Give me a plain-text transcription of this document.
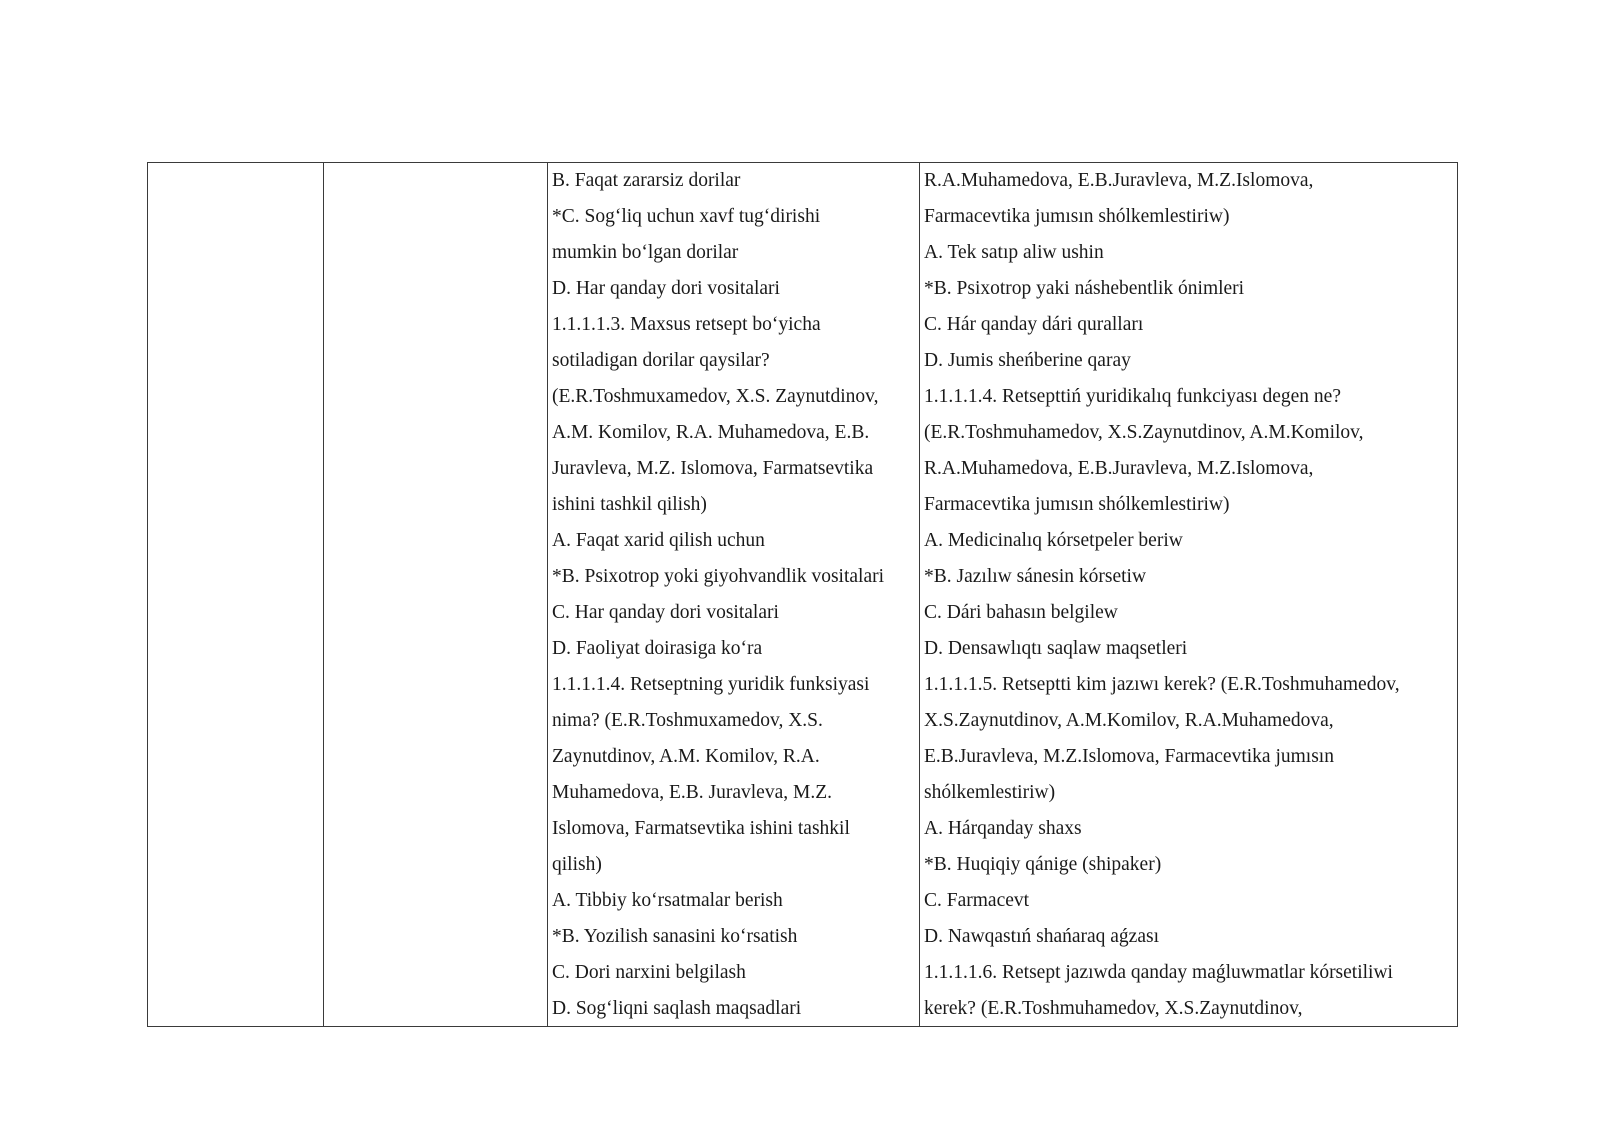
B. Faqat zararsiz dorilar
*C. Sog‘liq uchun xavf tug‘dirishi
mumkin bo‘lgan dorilar
D. Har qanday dori vositalari
1.1.1.1.3. Maxsus retsept bo‘yicha
sotiladigan dorilar qaysilar?
(E.R.Toshmuxamedov, X.S. Zaynutdinov,
A.M. Komilov, R.A. Muhamedova, E.B.
Juravleva, M.Z. Islomova, Farmatsevtika
ishini tashkil qilish)
A. Faqat xarid qilish uchun
*B. Psixotrop yoki giyohvandlik vositalari
C. Har qanday dori vositalari
D. Faoliyat doirasiga ko‘ra
1.1.1.1.4. Retseptning yuridik funksiyasi
nima? (E.R.Toshmuxamedov, X.S.
Zaynutdinov, A.M. Komilov, R.A.
Muhamedova, E.B. Juravleva, M.Z.
Islomova, Farmatsevtika ishini tashkil
qilish)
A. Tibbiy ko‘rsatmalar berish
*B. Yozilish sanasini ko‘rsatish
C. Dori narxini belgilash
D. Sog‘liqni saqlash maqsadlari
R.A.Muhamedova, E.B.Juravleva, M.Z.Islomova,
Farmacevtika jumısın shólkemlestiriw)
A. Tek satıp aliw ushin
*B. Psixotrop yaki náshebentlik ónimleri
C. Hár qanday dári quralları
D. Jumis sheńberine qaray
1.1.1.1.4. Retsepttiń yuridikalıq funkciyası degen ne?
(E.R.Toshmuhamedov, X.S.Zaynutdinov, A.M.Komilov,
R.A.Muhamedova, E.B.Juravleva, M.Z.Islomova,
Farmacevtika jumısın shólkemlestiriw)
A. Medicinalıq kórsetpeler beriw
*B. Jazılıw sánesin kórsetiw
C. Dári bahasın belgilew
D. Densawlıqtı saqlaw maqsetleri
1.1.1.1.5. Retseptti kim jazıwı kerek? (E.R.Toshmuhamedov,
X.S.Zaynutdinov, A.M.Komilov, R.A.Muhamedova,
E.B.Juravleva, M.Z.Islomova, Farmacevtika jumısın
shólkemlestiriw)
A. Hárqanday shaxs
*B. Huqiqiy qánige (shipaker)
C. Farmacevt
D. Nawqastıń shańaraq aǵzası
1.1.1.1.6. Retsept jazıwda qanday maǵluwmatlar kórsetiliwi
kerek? (E.R.Toshmuhamedov, X.S.Zaynutdinov,
